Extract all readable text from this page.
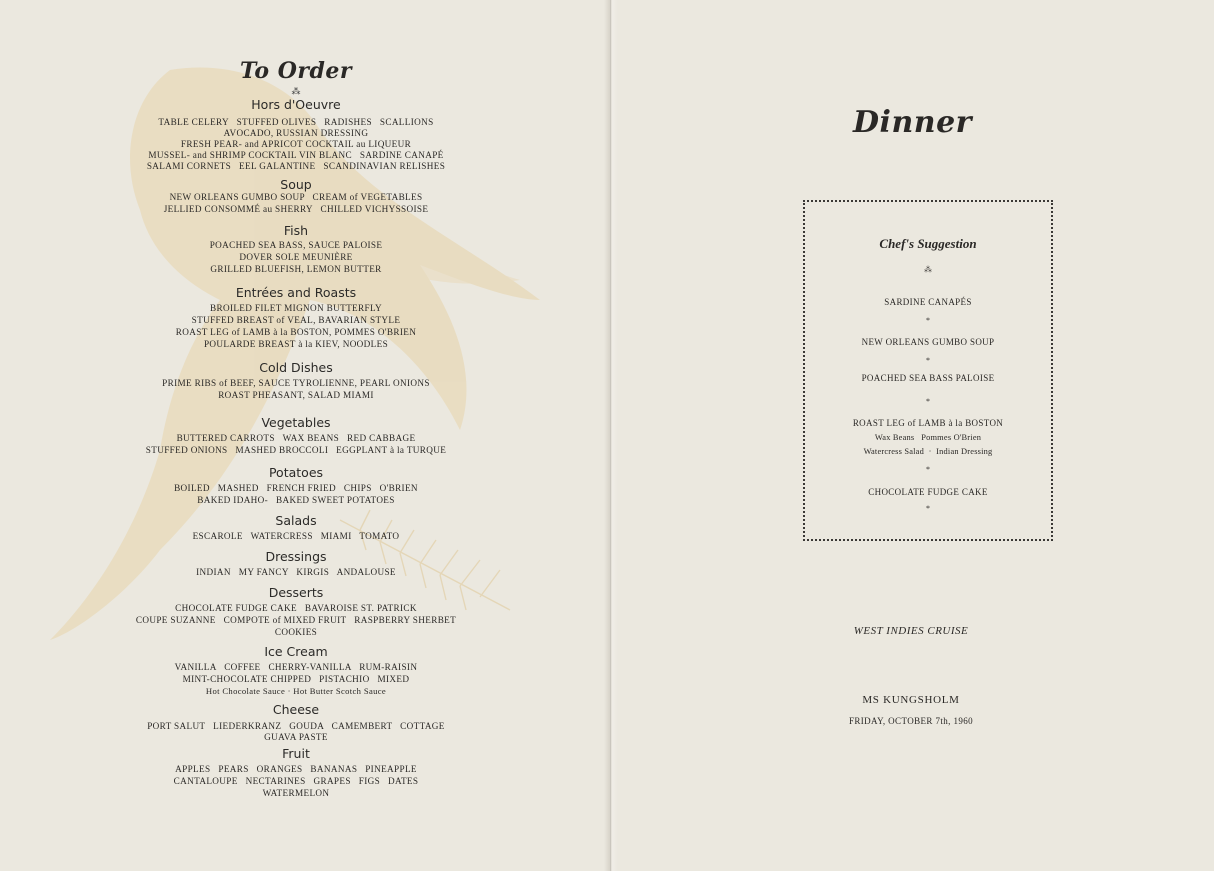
To Order
⁂
Hors d'Oeuvre
TABLE CELERY   STUFFED OLIVES   RADISHES   SCALLIONS
AVOCADO, RUSSIAN DRESSING
FRESH PEAR- and APRICOT COCKTAIL au LIQUEUR
MUSSEL- and SHRIMP COCKTAIL VIN BLANC   SARDINE CANAPÉ
SALAMI CORNETS   EEL GALANTINE   SCANDINAVIAN RELISHES
Soup
NEW ORLEANS GUMBO SOUP   CREAM of VEGETABLES
JELLIED CONSOMMÉ au SHERRY   CHILLED VICHYSSOISE
Fish
POACHED SEA BASS, SAUCE PALOISE
DOVER SOLE MEUNIÈRE
GRILLED BLUEFISH, LEMON BUTTER
Entrées and Roasts
BROILED FILET MIGNON BUTTERFLY
STUFFED BREAST of VEAL, BAVARIAN STYLE
ROAST LEG of LAMB à la BOSTON, POMMES O'BRIEN
POULARDE BREAST à la KIEV, NOODLES
Cold Dishes
PRIME RIBS of BEEF, SAUCE TYROLIENNE, PEARL ONIONS
ROAST PHEASANT, SALAD MIAMI
Vegetables
BUTTERED CARROTS   WAX BEANS   RED CABBAGE
STUFFED ONIONS   MASHED BROCCOLI   EGGPLANT à la TURQUE
Potatoes
BOILED   MASHED   FRENCH FRIED   CHIPS   O'BRIEN
BAKED IDAHO-   BAKED SWEET POTATOES
Salads
ESCAROLE   WATERCRESS   MIAMI   TOMATO
Dressings
INDIAN   MY FANCY   KIRGIS   ANDALOUSE
Desserts
CHOCOLATE FUDGE CAKE   BAVAROISE ST. PATRICK
COUPE SUZANNE   COMPOTE of MIXED FRUIT   RASPBERRY SHERBET
COOKIES
Ice Cream
VANILLA   COFFEE   CHERRY-VANILLA   RUM-RAISIN
MINT-CHOCOLATE CHIPPED   PISTACHIO   MIXED
Hot Chocolate Sauce · Hot Butter Scotch Sauce
Cheese
PORT SALUT   LIEDERKRANZ   GOUDA   CAMEMBERT   COTTAGE
GUAVA PASTE
Fruit
APPLES   PEARS   ORANGES   BANANAS   PINEAPPLE
CANTALOUPE   NECTARINES   GRAPES   FIGS   DATES
WATERMELON
Dinner
Chef's Suggestion
⁂
SARDINE CANAPÉS
*
NEW ORLEANS GUMBO SOUP
*
POACHED SEA BASS PALOISE
*
ROAST LEG of LAMB à la BOSTON
Wax Beans   Pommes O'Brien
Watercress Salad  ·  Indian Dressing
*
CHOCOLATE FUDGE CAKE
*
WEST INDIES CRUISE
MS KUNGSHOLM
FRIDAY, OCTOBER 7th, 1960
